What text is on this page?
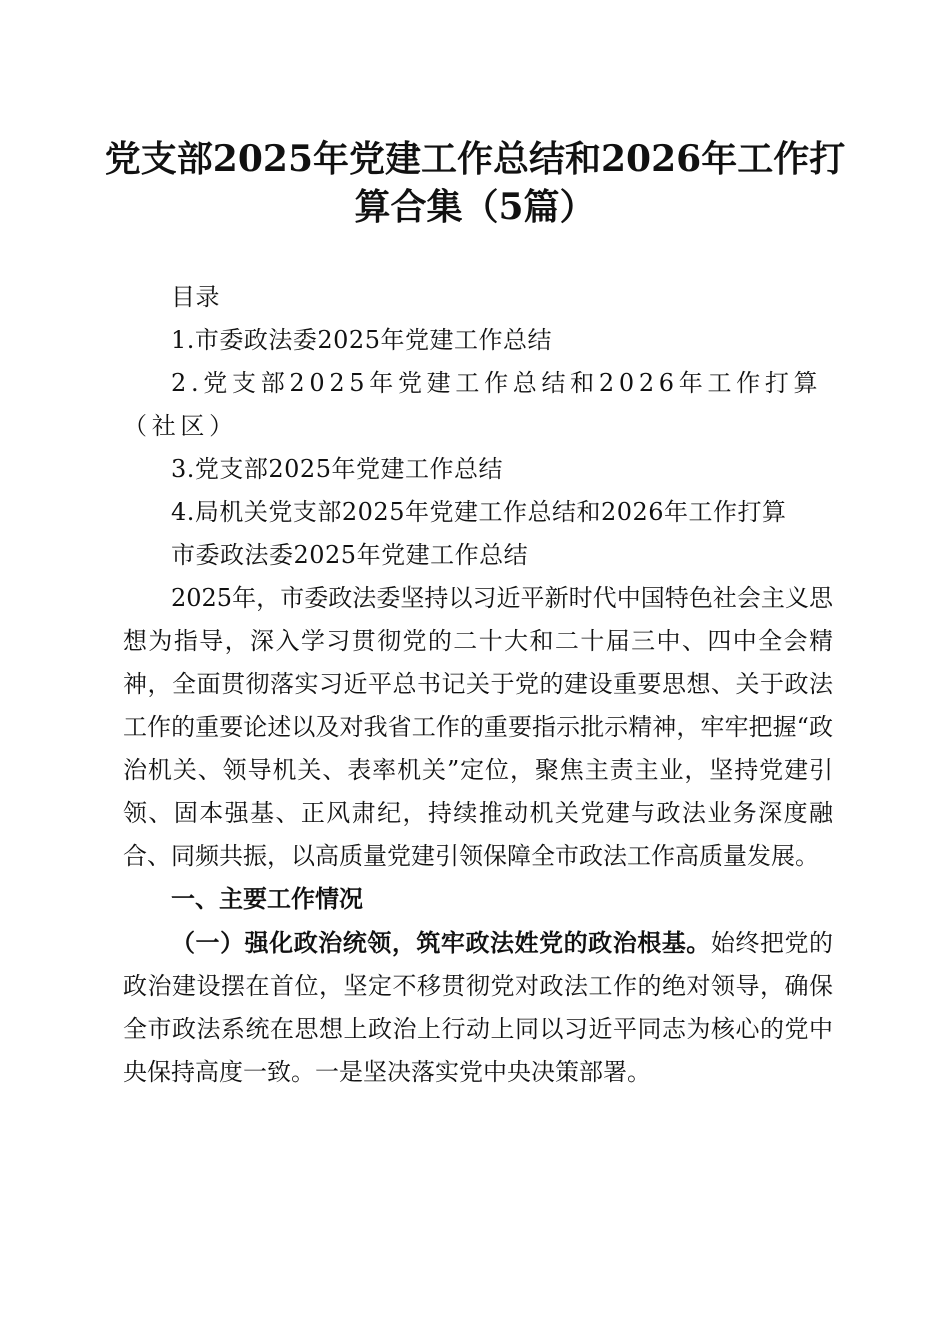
党支部2025年党建工作总结和2026年工作打
算合集（5篇）
目录
1.市委政法委2025年党建工作总结
2.党支部2025年党建工作总结和2026年工作打算（社区）
3.党支部2025年党建工作总结
4.局机关党支部2025年党建工作总结和2026年工作打算
市委政法委2025年党建工作总结

2025年，市委政法委坚持以习近平新时代中国特色社会主义思想为指导，深入学习贯彻党的二十大和二十届三中、四中全会精神，全面贯彻落实习近平总书记关于党的建设重要思想、关于政法工作的重要论述以及对我省工作的重要指示批示精神，牢牢把握“政治机关、领导机关、表率机关”定位，聚焦主责主业，坚持党建引领、固本强基、正风肃纪，持续推动机关党建与政法业务深度融合、同频共振，以高质量党建引领保障全市政法工作高质量发展。

一、主要工作情况

（一）强化政治统领，筑牢政法姓党的政治根基。始终把党的政治建设摆在首位，坚定不移贯彻党对政法工作的绝对领导，确保全市政法系统在思想上政治上行动上同以习近平同志为核心的党中央保持高度一致。一是坚决落实党中央决策部署。
